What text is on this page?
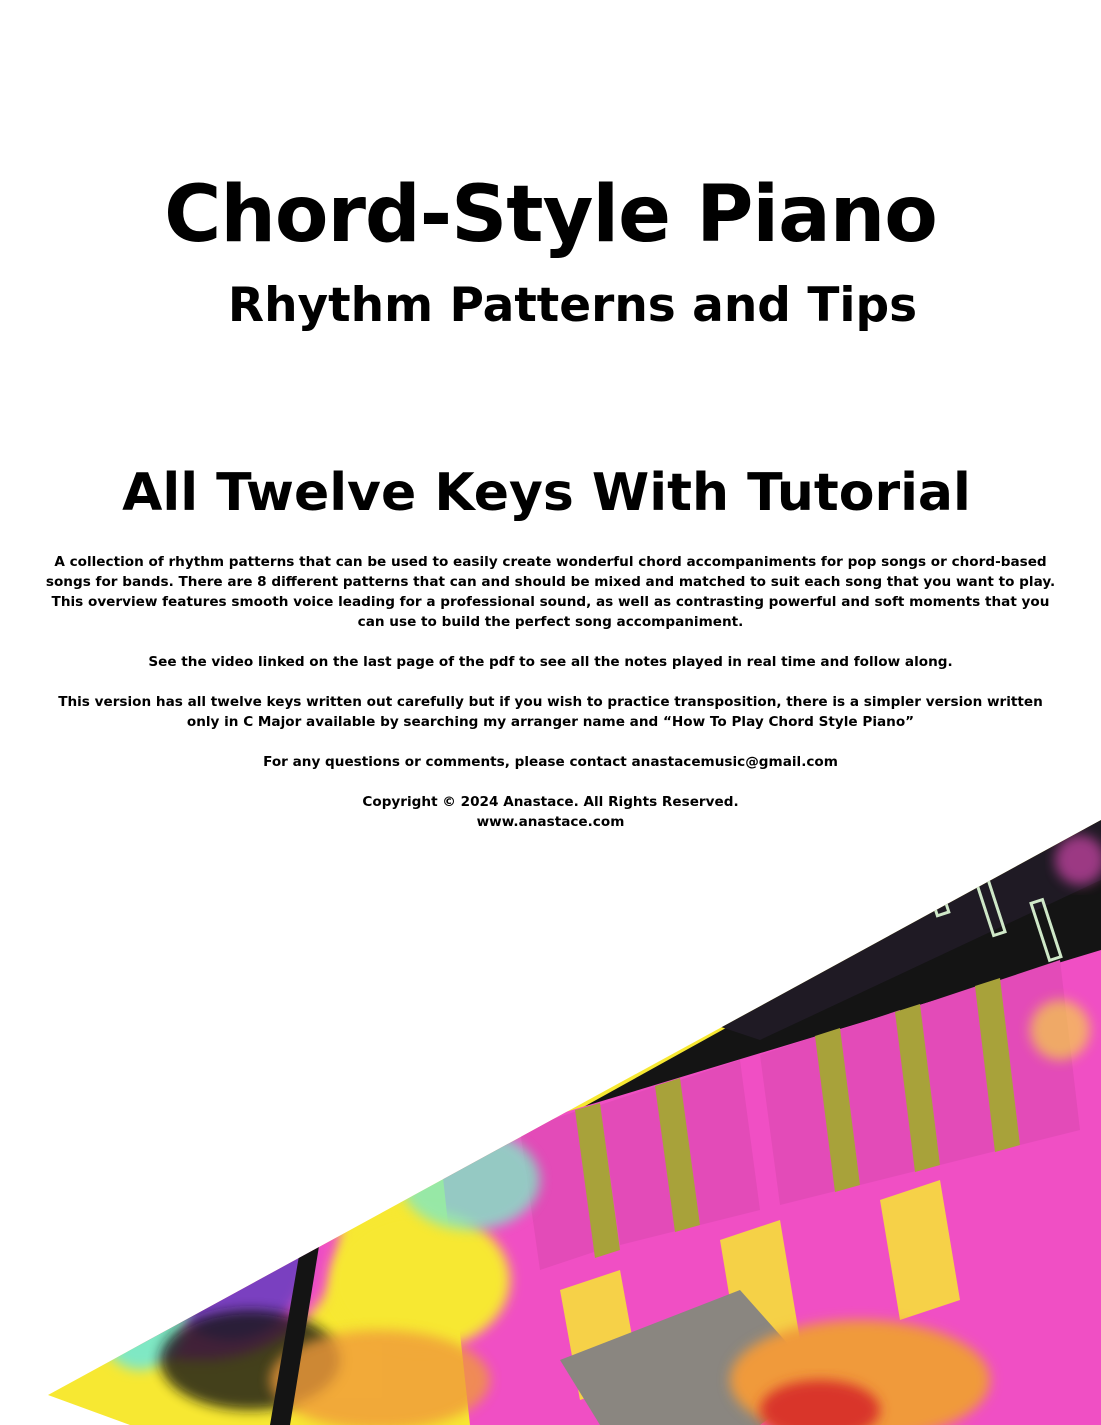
Chord-Style Piano
Rhythm Patterns and Tips
All Twelve Keys With Tutorial

A collection of rhythm patterns that can be used to easily create wonderful chord accompaniments for pop songs or chord-based songs for bands. There are 8 different patterns that can and should be mixed and matched to suit each song that you want to play. This overview features smooth voice leading for a professional sound, as well as contrasting powerful and soft moments that you can use to build the perfect song accompaniment.

See the video linked on the last page of the pdf to see all the notes played in real time and follow along.

This version has all twelve keys written out carefully but if you wish to practice transposition, there is a simpler version written only in C Major available by searching my arranger name and “How To Play Chord Style Piano”

For any questions or comments, please contact anastacemusic@gmail.com

Copyright © 2024 Anastace. All Rights Reserved.

www.anastace.com
